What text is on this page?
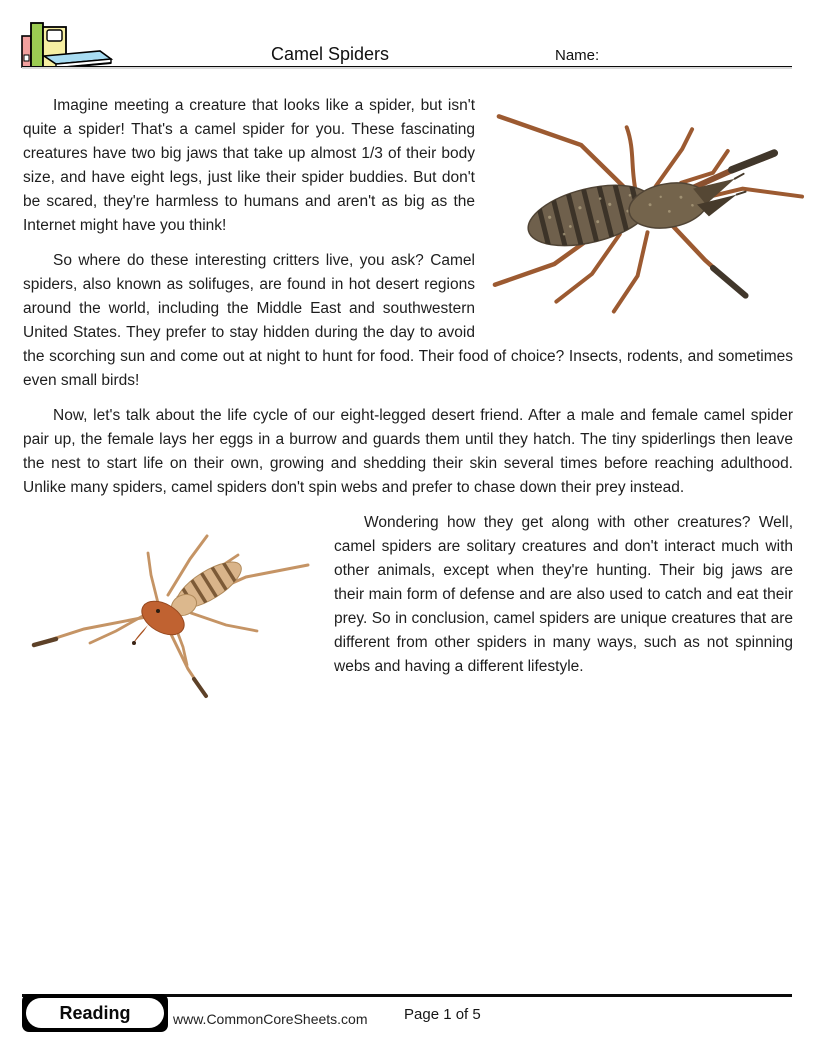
Camel Spiders	Name:

Imagine meeting a creature that looks like a spider, but isn't quite a spider! That's a camel spider for you. These fascinating creatures have two big jaws that take up almost 1/3 of their body size, and have eight legs, just like their spider buddies. But don't be scared, they're harmless to humans and aren't as big as the Internet might have you think!

So where do these interesting critters live, you ask? Camel spiders, also known as solifuges, are found in hot desert regions around the world, including the Middle East and southwestern United States. They prefer to stay hidden during the day to avoid the scorching sun and come out at night to hunt for food. Their food of choice? Insects, rodents, and sometimes even small birds!

Now, let's talk about the life cycle of our eight-legged desert friend. After a male and female camel spider pair up, the female lays her eggs in a burrow and guards them until they hatch. The tiny spiderlings then leave the nest to start life on their own, growing and shedding their skin several times before reaching adulthood. Unlike many spiders, camel spiders don't spin webs and prefer to chase down their prey instead.

Wondering how they get along with other creatures? Well, camel spiders are solitary creatures and don't interact much with other animals, except when they're hunting. Their big jaws are their main form of defense and are also used to catch and eat their prey. So in conclusion, camel spiders are unique creatures that are different from other spiders in many ways, such as not spinning webs and having a different lifestyle.

Reading	www.CommonCoreSheets.com Page 1 of 5
